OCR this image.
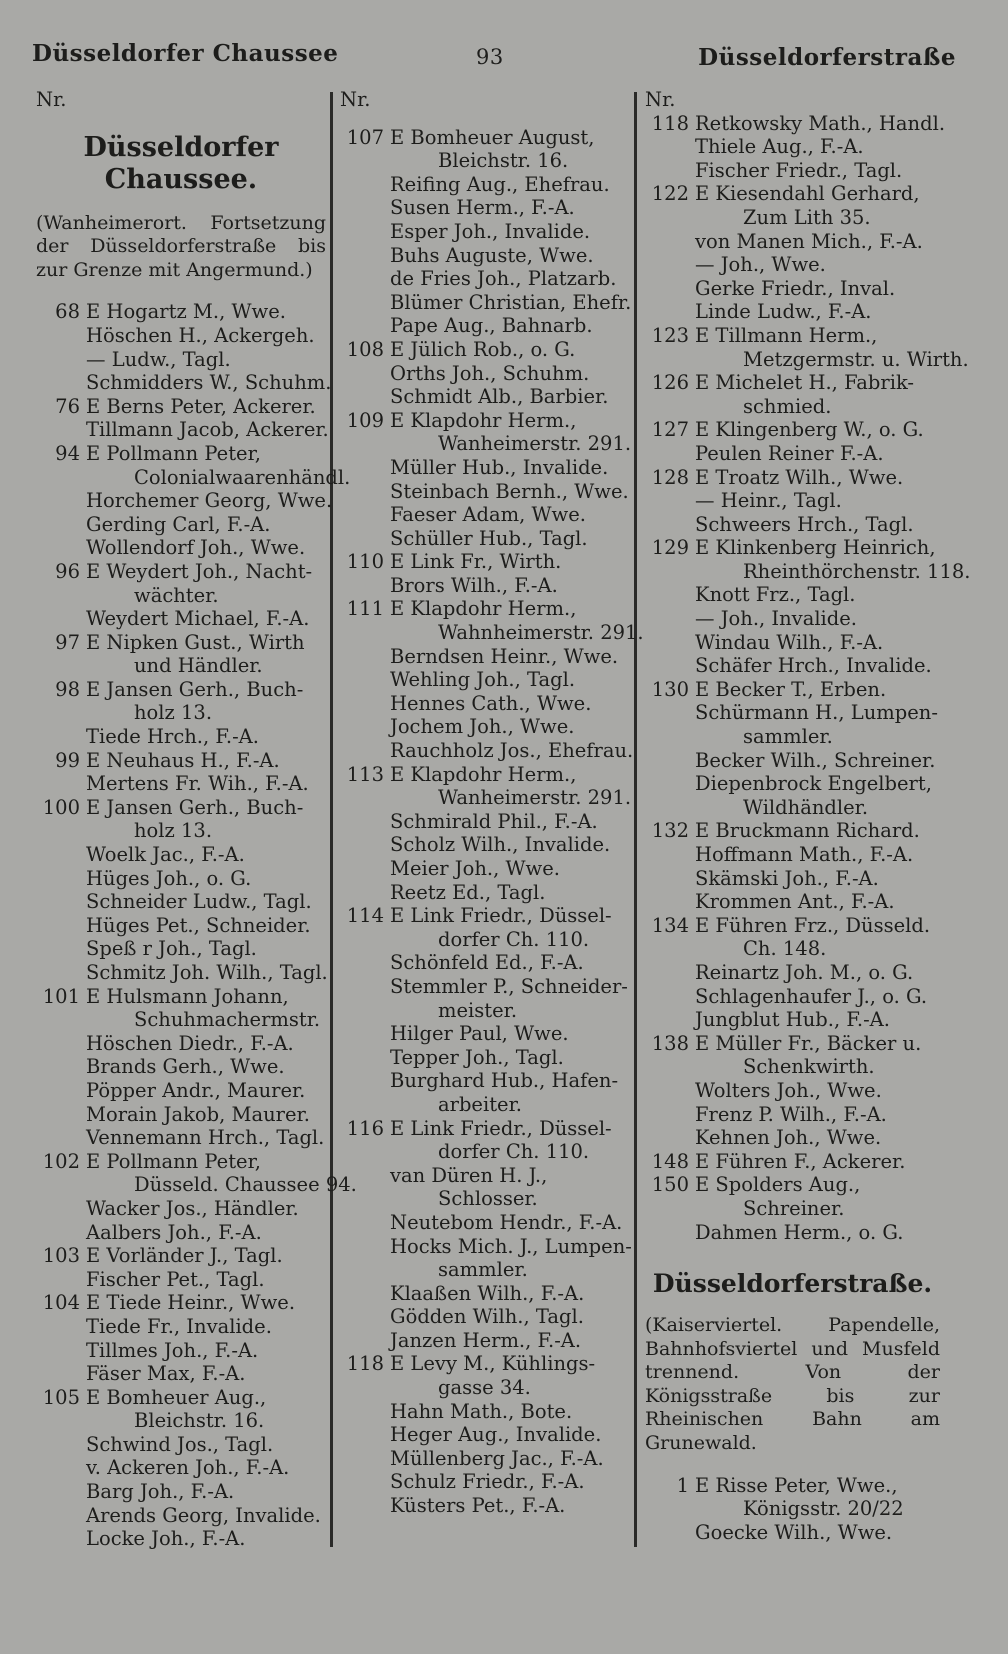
Düsseldorfer Chaussee	93	Düsseldorferstraße
Nr.
Düsseldorfer Chaussee.
(Wanheimerort. Fortsetzung der Düsseldorferstraße bis zur Grenze mit Angermund.)
68 E Hogartz M., Wwe.
Höschen H., Ackergeh.
— Ludw., Tagl.
Schmidders W., Schuhm.
76 E Berns Peter, Ackerer.
Tillmann Jacob, Ackerer.
94 E Pollmann Peter,
Colonialwaarenhändl.
Horchemer Georg, Wwe.
Gerding Carl, F.-A.
Wollendorf Joh., Wwe.
96 E Weydert Joh., Nacht-
wächter.
Weydert Michael, F.-A.
97 E Nipken Gust., Wirth
und Händler.
98 E Jansen Gerh., Buch-
holz 13.
Tiede Hrch., F.-A.
99 E Neuhaus H., F.-A.
Mertens Fr. Wih., F.-A.
100 E Jansen Gerh., Buch-
holz 13.
Woelk Jac., F.-A.
Hüges Joh., o. G.
Schneider Ludw., Tagl.
Hüges Pet., Schneider.
Speß r Joh., Tagl.
Schmitz Joh. Wilh., Tagl.
101 E Hulsmann Johann,
Schuhmachermstr.
Höschen Diedr., F.-A.
Brands Gerh., Wwe.
Pöpper Andr., Maurer.
Morain Jakob, Maurer.
Vennemann Hrch., Tagl.
102 E Pollmann Peter,
Düsseld. Chaussee 94.
Wacker Jos., Händler.
Aalbers Joh., F.-A.
103 E Vorländer J., Tagl.
Fischer Pet., Tagl.
104 E Tiede Heinr., Wwe.
Tiede Fr., Invalide.
Tillmes Joh., F.-A.
Fäser Max, F.-A.
105 E Bomheuer Aug.,
Bleichstr. 16.
Schwind Jos., Tagl.
v. Ackeren Joh., F.-A.
Barg Joh., F.-A.
Arends Georg, Invalide.
Locke Joh., F.-A.
Nr.
107 E Bomheuer August,
Bleichstr. 16.
Reifing Aug., Ehefrau.
Susen Herm., F.-A.
Esper Joh., Invalide.
Buhs Auguste, Wwe.
de Fries Joh., Platzarb.
Blümer Christian, Ehefr.
Pape Aug., Bahnarb.
108 E Jülich Rob., o. G.
Orths Joh., Schuhm.
Schmidt Alb., Barbier.
109 E Klapdohr Herm.,
Wanheimerstr. 291.
Müller Hub., Invalide.
Steinbach Bernh., Wwe.
Faeser Adam, Wwe.
Schüller Hub., Tagl.
110 E Link Fr., Wirth.
Brors Wilh., F.-A.
111 E Klapdohr Herm.,
Wahnheimerstr. 291.
Berndsen Heinr., Wwe.
Wehling Joh., Tagl.
Hennes Cath., Wwe.
Jochem Joh., Wwe.
Rauchholz Jos., Ehefrau.
113 E Klapdohr Herm.,
Wanheimerstr. 291.
Schmirald Phil., F.-A.
Scholz Wilh., Invalide.
Meier Joh., Wwe.
Reetz Ed., Tagl.
114 E Link Friedr., Düssel-
dorfer Ch. 110.
Schönfeld Ed., F.-A.
Stemmler P., Schneider-
meister.
Hilger Paul, Wwe.
Tepper Joh., Tagl.
Burghard Hub., Hafen-
arbeiter.
116 E Link Friedr., Düssel-
dorfer Ch. 110.
van Düren H. J.,
Schlosser.
Neutebom Hendr., F.-A.
Hocks Mich. J., Lumpen-
sammler.
Klaaßen Wilh., F.-A.
Gödden Wilh., Tagl.
Janzen Herm., F.-A.
118 E Levy M., Kühlings-
gasse 34.
Hahn Math., Bote.
Heger Aug., Invalide.
Müllenberg Jac., F.-A.
Schulz Friedr., F.-A.
Küsters Pet., F.-A.
Nr.
118 Retkowsky Math., Handl.
Thiele Aug., F.-A.
Fischer Friedr., Tagl.
122 E Kiesendahl Gerhard,
Zum Lith 35.
von Manen Mich., F.-A.
— Joh., Wwe.
Gerke Friedr., Inval.
Linde Ludw., F.-A.
123 E Tillmann Herm.,
Metzgermstr. u. Wirth.
126 E Michelet H., Fabrik-
schmied.
127 E Klingenberg W., o. G.
Peulen Reiner F.-A.
128 E Troatz Wilh., Wwe.
— Heinr., Tagl.
Schweers Hrch., Tagl.
129 E Klinkenberg Heinrich,
Rheinthörchenstr. 118.
Knott Frz., Tagl.
— Joh., Invalide.
Windau Wilh., F.-A.
Schäfer Hrch., Invalide.
130 E Becker T., Erben.
Schürmann H., Lumpen-
sammler.
Becker Wilh., Schreiner.
Diepenbrock Engelbert,
Wildhändler.
132 E Bruckmann Richard.
Hoffmann Math., F.-A.
Skämski Joh., F.-A.
Krommen Ant., F.-A.
134 E Führen Frz., Düsseld.
Ch. 148.
Reinartz Joh. M., o. G.
Schlagenhaufer J., o. G.
Jungblut Hub., F.-A.
138 E Müller Fr., Bäcker u.
Schenkwirth.
Wolters Joh., Wwe.
Frenz P. Wilh., F.-A.
Kehnen Joh., Wwe.
148 E Führen F., Ackerer.
150 E Spolders Aug.,
Schreiner.
Dahmen Herm., o. G.
Düsseldorferstraße.
(Kaiserviertel. Papendelle, Bahnhofsviertel und Musfeld trennend. Von der Königsstraße bis zur Rheinischen Bahn am Grunewald.
1 E Risse Peter, Wwe.,
Königsstr. 20/22
Goecke Wilh., Wwe.
